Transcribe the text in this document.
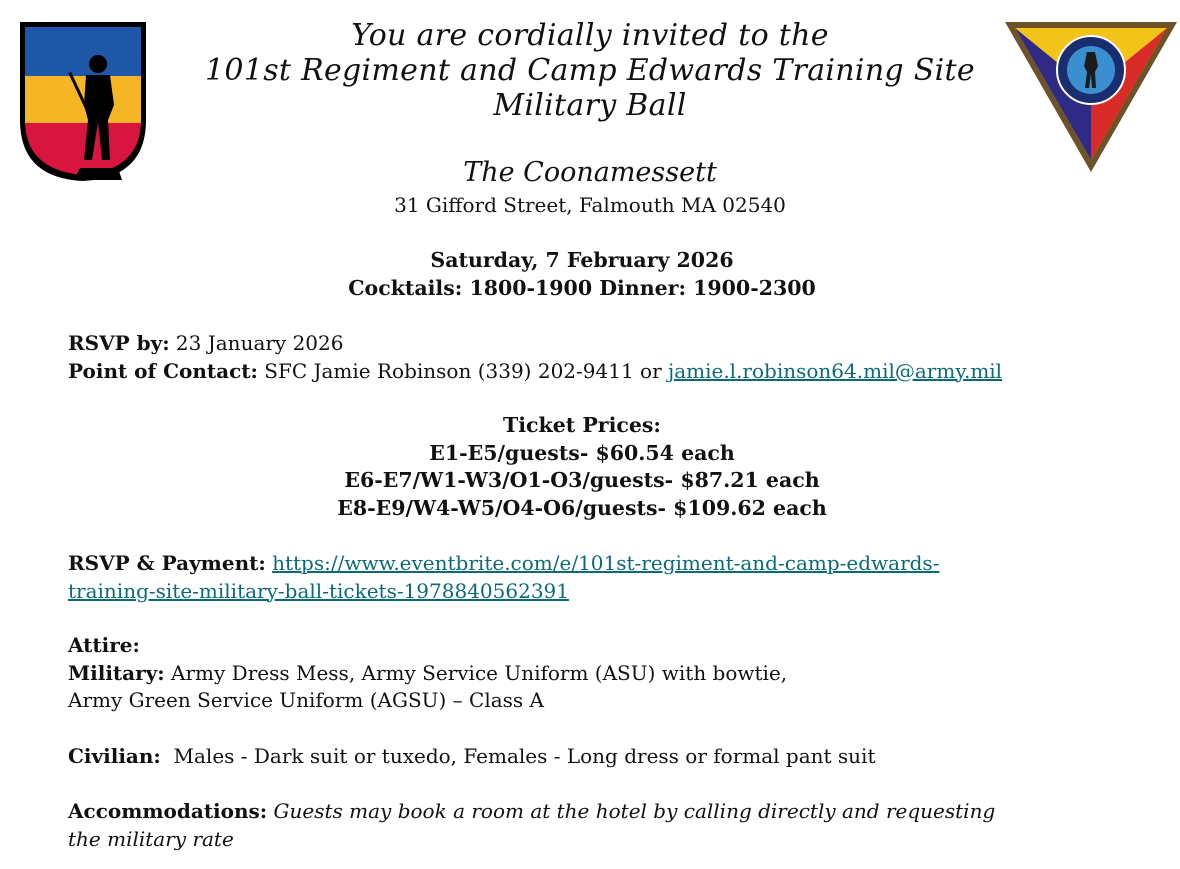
You are cordially invited to the
101st Regiment and Camp Edwards Training Site
Military Ball
The Coonamessett
31 Gifford Street, Falmouth MA 02540
Saturday, 7 February 2026
Cocktails: 1800-1900 Dinner: 1900-2300
RSVP by: 23 January 2026
Point of Contact: SFC Jamie Robinson (339) 202-9411 or jamie.l.robinson64.mil@army.mil
Ticket Prices:
E1-E5/guests- $60.54 each
E6-E7/W1-W3/O1-O3/guests- $87.21 each
E8-E9/W4-W5/O4-O6/guests- $109.62 each
RSVP & Payment: https://www.eventbrite.com/e/101st-regiment-and-camp-edwards-
training-site-military-ball-tickets-1978840562391
Attire:
Military: Army Dress Mess, Army Service Uniform (ASU) with bowtie,
Army Green Service Uniform (AGSU) – Class A
Civilian:  Males - Dark suit or tuxedo, Females - Long dress or formal pant suit
Accommodations: Guests may book a room at the hotel by calling directly and requesting
the military rate
